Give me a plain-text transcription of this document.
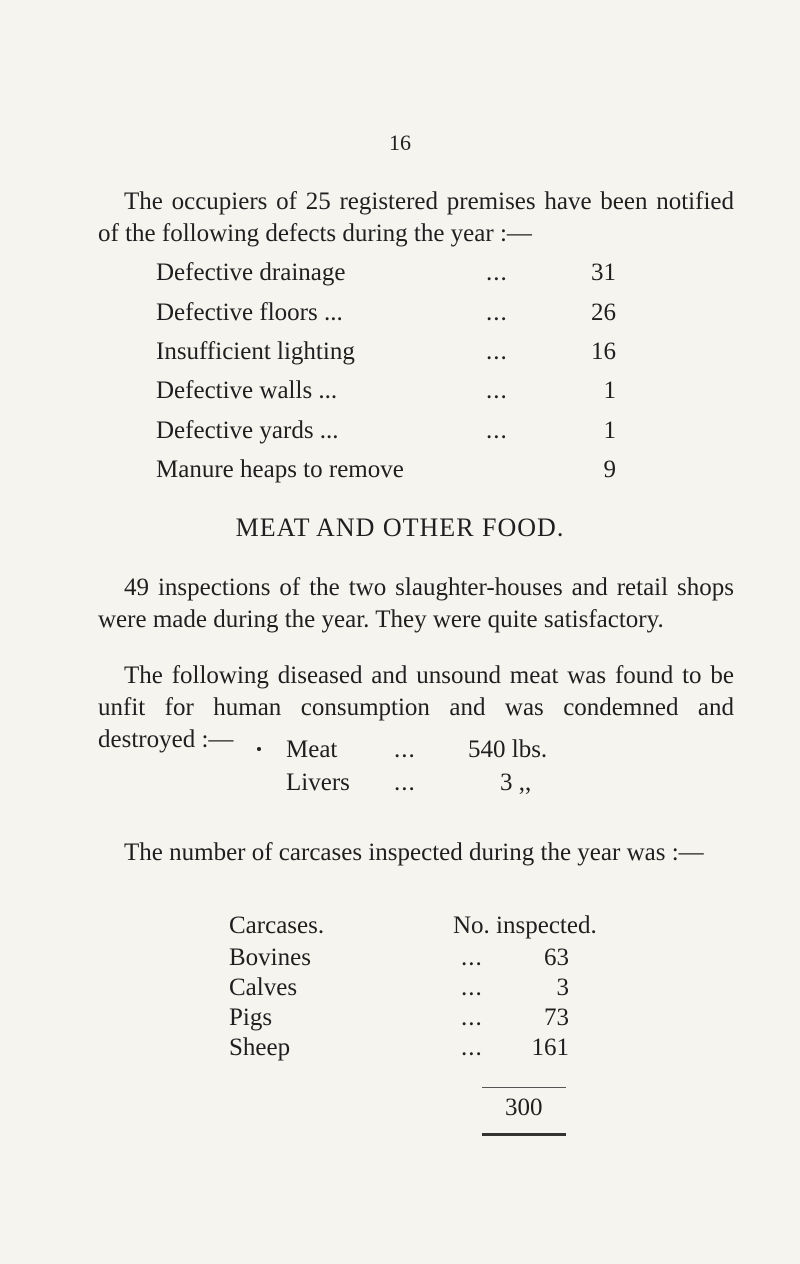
16
The occupiers of 25 registered premises have been notified of the following defects during the year :—
Defective drainage	...	31
Defective floors ...	...	26
Insufficient lighting	...	16
Defective walls ...	...	1
Defective yards ...	...	1
Manure heaps to remove	9
MEAT AND OTHER FOOD.
49 inspections of the two slaughter-houses and retail shops were made during the year. They were quite satisfactory.
The following diseased and unsound meat was found to be unfit for human consumption and was condemned and destroyed :—	Meat ... 540 lbs.
Livers ...	3 ,,
The number of carcases inspected during the year was :—
Carcases.	No. inspected.
Bovines	... 63
Calves	...	3
Pigs	... 73
Sheep	... 161
300
